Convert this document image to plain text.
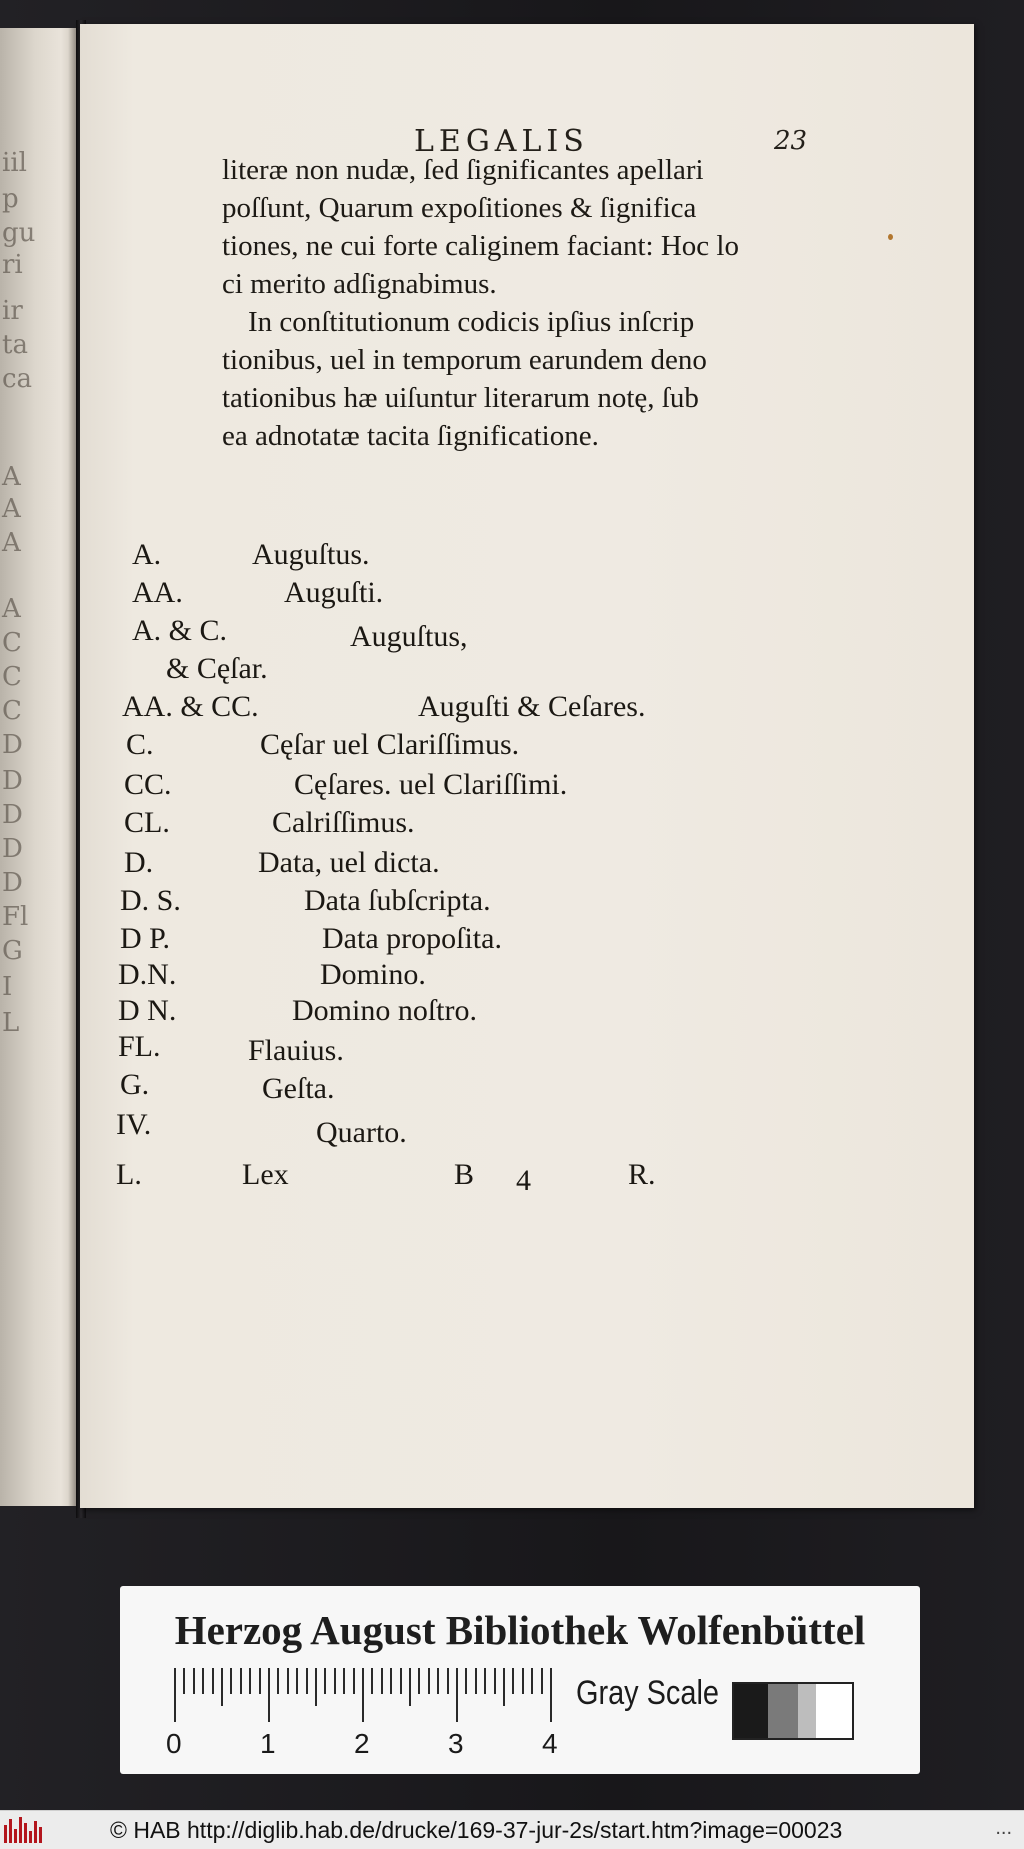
iil
p
gu
ri
ir
ta
ca
A
A
A
A
C
C
C
D
D
D
D
D
Fl
G
I
L
LEGALIS	23
literæ non nudæ, ſed ſignificantes apellari
poſſunt, Quarum expoſitiones & ſignifica
tiones, ne cui forte caliginem faciant: Hoc lo
ci merito adſignabimus.
In conſtitutionum codicis ipſius inſcrip
tionibus, uel in temporum earundem deno
tationibus hæ uiſuntur literarum notę, ſub
ea adnotatæ tacita ſignificatione.
A.	Auguſtus.
AA.	Auguſti.
A. & C.	Auguſtus,
& Cęſar.
AA. & CC.	Auguſti & Ceſares.
C.	Cęſar uel Clariſſimus.
CC.	Cęſares. uel Clariſſimi.
CL.	Calriſſimus.
D.	Data, uel dicta.
D. S.	Data ſubſcripta.
D P.	Data propoſita.
D.N.	Domino.
D N.	Domino noſtro.
FL.	Flauius.
G.	Geſta.
IV.	Quarto.
L.	Lex	B 4	R.
Herzog August Bibliothek Wolfenbüttel
0	1	2	3	4
Gray Scale
© HAB http://diglib.hab.de/drucke/169-37-jur-2s/start.htm?image=00023	...
